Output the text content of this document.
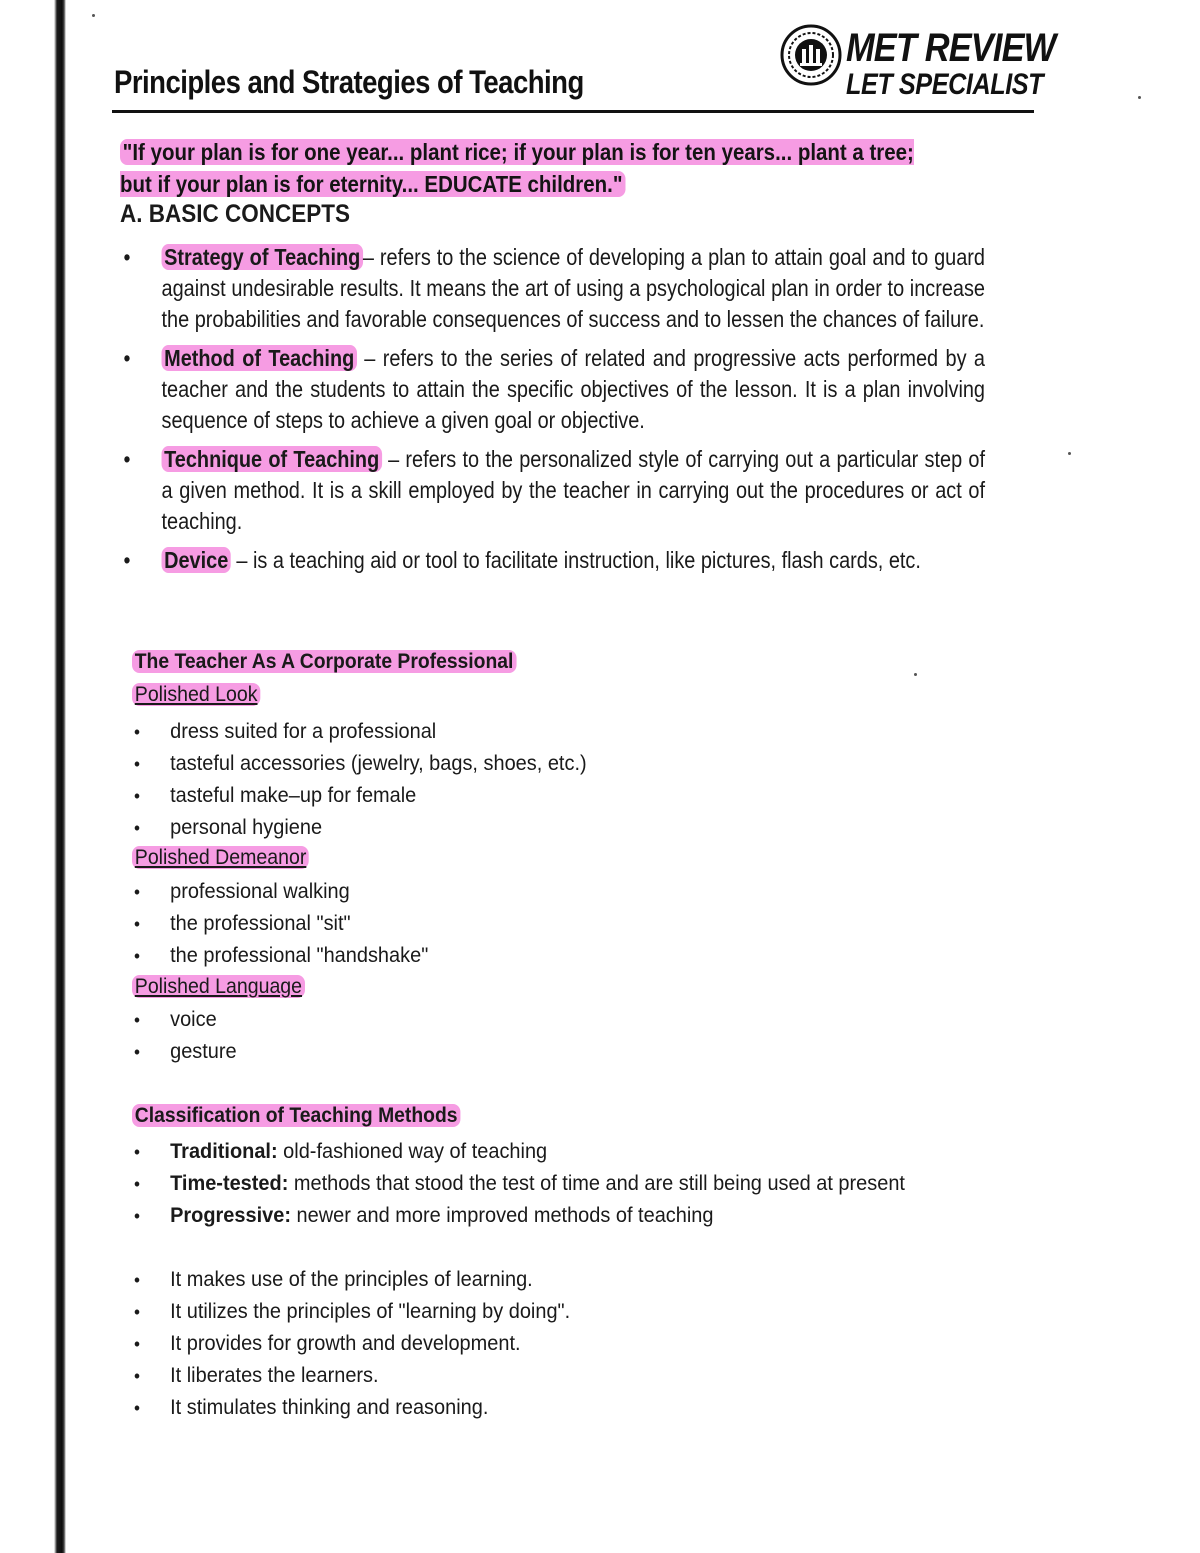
Principles and Strategies of Teaching
MET REVIEW
LET SPECIALIST
"If your plan is for one year... plant rice; if your plan is for ten years... plant a tree; but if your plan is for eternity... EDUCATE children."
A. BASIC CONCEPTS
• Strategy of Teaching – refers to the science of developing a plan to attain goal and to guard against undesirable results. It means the art of using a psychological plan in order to increase the probabilities and favorable consequences of success and to lessen the chances of failure.
• Method of Teaching – refers to the series of related and progressive acts performed by a teacher and the students to attain the specific objectives of the lesson. It is a plan involving sequence of steps to achieve a given goal or objective.
• Technique of Teaching – refers to the personalized style of carrying out a particular step of a given method. It is a skill employed by the teacher in carrying out the procedures or act of teaching.
• Device – is a teaching aid or tool to facilitate instruction, like pictures, flash cards, etc.
The Teacher As A Corporate Professional
Polished Look
• dress suited for a professional
• tasteful accessories (jewelry, bags, shoes, etc.)
• tasteful make–up for female
• personal hygiene
Polished Demeanor
• professional walking
• the professional "sit"
• the professional "handshake"
Polished Language
• voice
• gesture
Classification of Teaching Methods
• Traditional: old-fashioned way of teaching
• Time-tested: methods that stood the test of time and are still being used at present
• Progressive: newer and more improved methods of teaching
• It makes use of the principles of learning.
• It utilizes the principles of "learning by doing".
• It provides for growth and development.
• It liberates the learners.
• It stimulates thinking and reasoning.
